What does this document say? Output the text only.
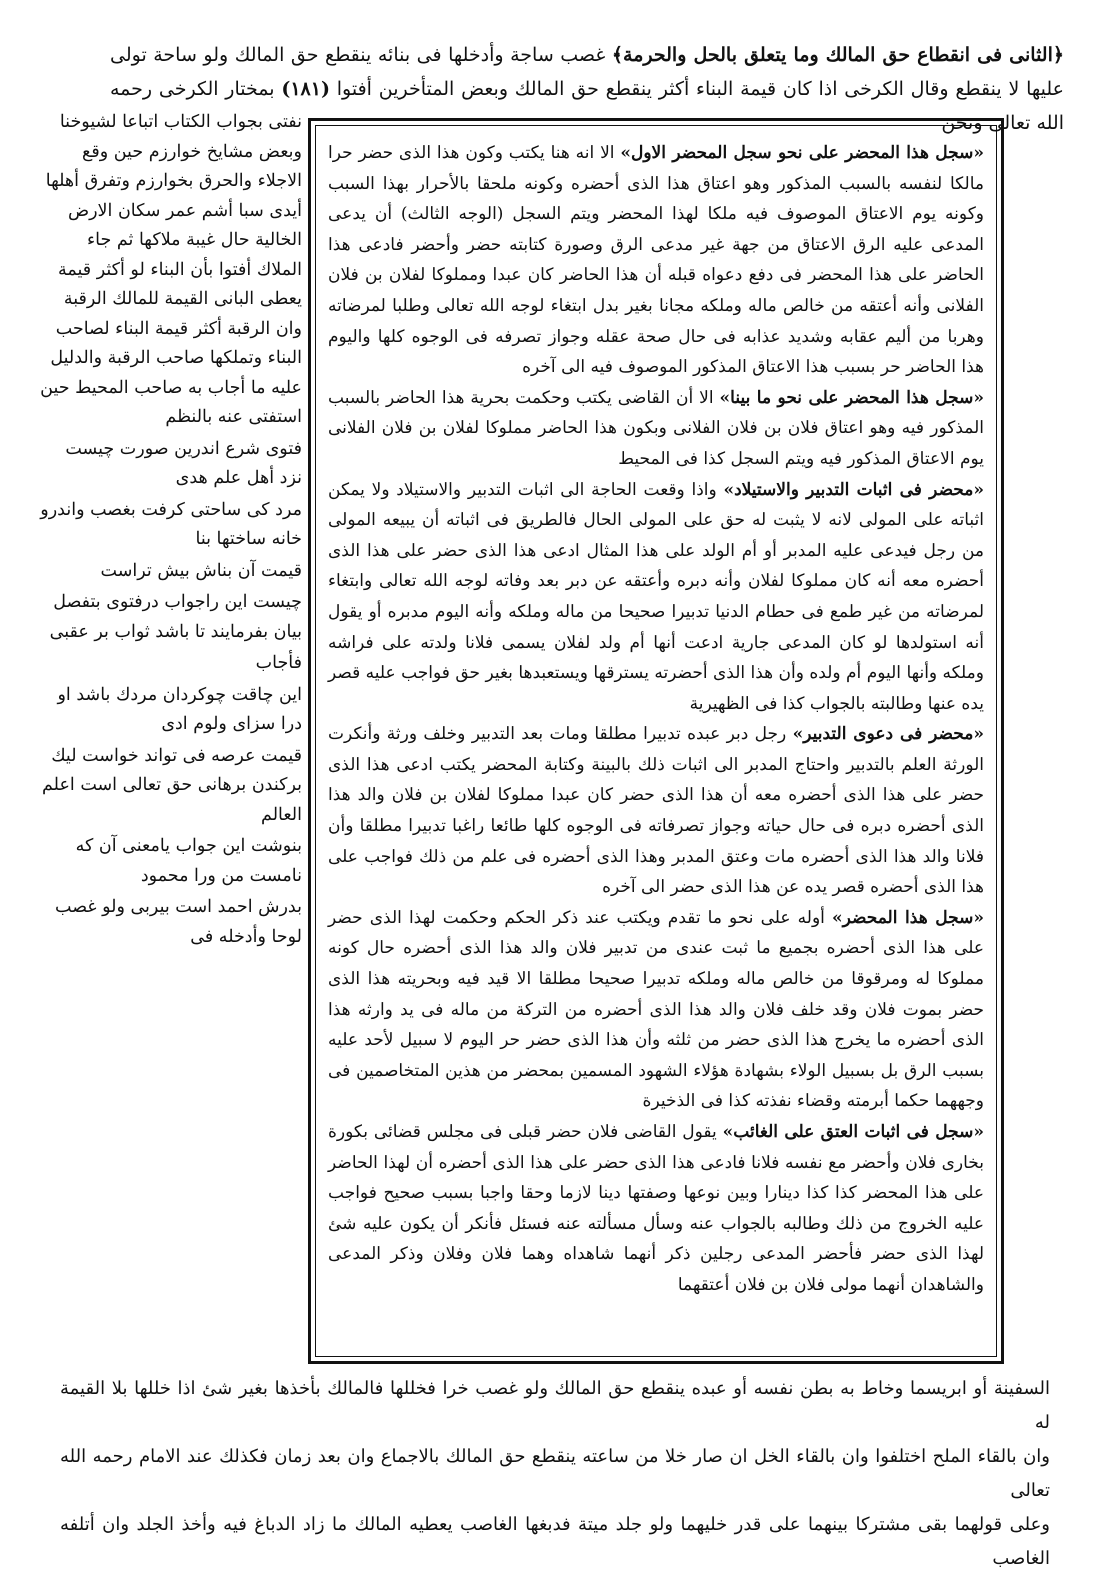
﴿الثانى فى انقطاع حق المالك وما يتعلق بالحل والحرمة﴾ غصب ساجة وأدخلها فى بنائه ينقطع حق المالك ولو ساحة تولى عليها لا ينقطع وقال الكرخى اذا كان قيمة البناء أكثر ينقطع حق المالك وبعض المتأخرين أفتوا (١٨١) بمختار الكرخى رحمه الله تعالى ونحن

«سجل هذا المحضر على نحو سجل المحضر الاول» الا انه هنا يكتب وكون هذا الذى حضر حرا مالكا لنفسه بالسبب المذكور وهو اعتاق هذا الذى أحضره وكونه ملحقا بالأحرار بهذا السبب وكونه يوم الاعتاق الموصوف فيه ملكا لهذا المحضر ويتم السجل (الوجه الثالث) أن يدعى المدعى عليه الرق الاعتاق من جهة غير مدعى الرق وصورة كتابته حضر وأحضر فادعى هذا الحاضر على هذا المحضر فى دفع دعواه قبله أن هذا الحاضر كان عبدا ومملوكا لفلان بن فلان الفلانى وأنه أعتقه من خالص ماله وملكه مجانا بغير بدل ابتغاء لوجه الله تعالى وطلبا لمرضاته وهربا من أليم عقابه وشديد عذابه فى حال صحة عقله وجواز تصرفه فى الوجوه كلها واليوم هذا الحاضر حر بسبب هذا الاعتاق المذكور الموصوف فيه الى آخره

«سجل هذا المحضر على نحو ما بينا» الا أن القاضى يكتب وحكمت بحرية هذا الحاضر بالسبب المذكور فيه وهو اعتاق فلان بن فلان الفلانى وبكون هذا الحاضر مملوكا لفلان بن فلان الفلانى يوم الاعتاق المذكور فيه ويتم السجل كذا فى المحيط

«محضر فى اثبات التدبير والاستيلاد» واذا وقعت الحاجة الى اثبات التدبير والاستيلاد ولا يمكن اثباته على المولى لانه لا يثبت له حق على المولى الحال فالطريق فى اثباته أن يبيعه المولى من رجل فيدعى عليه المدبر أو أم الولد على هذا المثال ادعى هذا الذى حضر على هذا الذى أحضره معه أنه كان مملوكا لفلان وأنه دبره وأعتقه عن دبر بعد وفاته لوجه الله تعالى وابتغاء لمرضاته من غير طمع فى حطام الدنيا تدبيرا صحيحا من ماله وملكه وأنه اليوم مدبره أو يقول أنه استولدها لو كان المدعى جارية ادعت أنها أم ولد لفلان يسمى فلانا ولدته على فراشه وملكه وأنها اليوم أم ولده وأن هذا الذى أحضرته يسترقها ويستعبدها بغير حق فواجب عليه قصر يده عنها وطالبته بالجواب كذا فى الظهيرية

«محضر فى دعوى التدبير» رجل دبر عبده تدبيرا مطلقا ومات بعد التدبير وخلف ورثة وأنكرت الورثة العلم بالتدبير واحتاج المدبر الى اثبات ذلك بالبينة وكتابة المحضر يكتب ادعى هذا الذى حضر على هذا الذى أحضره معه أن هذا الذى حضر كان عبدا مملوكا لفلان بن فلان والد هذا الذى أحضره دبره فى حال حياته وجواز تصرفاته فى الوجوه كلها طائعا راغبا تدبيرا مطلقا وأن فلانا والد هذا الذى أحضره مات وعتق المدبر وهذا الذى أحضره فى علم من ذلك فواجب على هذا الذى أحضره قصر يده عن هذا الذى حضر الى آخره

«سجل هذا المحضر» أوله على نحو ما تقدم ويكتب عند ذكر الحكم وحكمت لهذا الذى حضر على هذا الذى أحضره بجميع ما ثبت عندى من تدبير فلان والد هذا الذى أحضره حال كونه مملوكا له ومرقوقا من خالص ماله وملكه تدبيرا صحيحا مطلقا الا قيد فيه وبحريته هذا الذى حضر بموت فلان وقد خلف فلان والد هذا الذى أحضره من التركة من ماله فى يد وارثه هذا الذى أحضره ما يخرج هذا الذى حضر من ثلثه وأن هذا الذى حضر حر اليوم لا سبيل لأحد عليه بسبب الرق بل بسبيل الولاء بشهادة هؤلاء الشهود المسمين بمحضر من هذين المتخاصمين فى وجههما حكما أبرمته وقضاء نفذته كذا فى الذخيرة

«سجل فى اثبات العتق على الغائب» يقول القاضى فلان حضر قبلى فى مجلس قضائى بكورة بخارى فلان وأحضر مع نفسه فلانا فادعى هذا الذى حضر على هذا الذى أحضره أن لهذا الحاضر على هذا المحضر كذا كذا دينارا وبين نوعها وصفتها دينا لازما وحقا واجبا بسبب صحيح فواجب عليه الخروج من ذلك وطالبه بالجواب عنه وسأل مسألته عنه فسئل فأنكر أن يكون عليه شئ لهذا الذى حضر فأحضر المدعى رجلين ذكر أنهما شاهداه وهما فلان وفلان وذكر المدعى والشاهدان أنهما مولى فلان بن فلان أعتقهما

نفتى بجواب الكتاب اتباعا لشيوخنا وبعض مشايخ خوارزم حين وقع الاجلاء والحرق بخوارزم وتفرق أهلها أيدى سبا أشم عمر سكان الارض الخالية حال غيبة ملاكها ثم جاء الملاك أفتوا بأن البناء لو أكثر قيمة يعطى البانى القيمة للمالك الرقبة وان الرقبة أكثر قيمة البناء لصاحب البناء وتملكها صاحب الرقبة والدليل عليه ما أجاب به صاحب المحيط حين استفتى عنه بالنظم

فتوى شرع اندرين صورت چيست نزد أهل علم هدى

مرد كى ساحتى كرفت بغصب واندرو خانه ساختها بنا

قيمت آن بناش بيش تراست

چيست اين راجواب درفتوى بتفصل بيان بفرمايند تا باشد ثواب بر عقبى

فأجاب

اين چاقت چوكردان مردك باشد او درا سزاى ولوم ادى

قيمت عرصه فى تواند خواست ليك بركندن برهانى حق تعالى است اعلم العالم

بنوشت اين جواب يامعنى آن كه نامست من ورا محمود

بدرش احمد است بيربى ولو غصب لوحا وأدخله فى

السفينة أو ابريسما وخاط به بطن نفسه أو عبده ينقطع حق المالك ولو غصب خرا فخللها فالمالك بأخذها بغير شئ اذا خللها بلا القيمة له

وان بالقاء الملح اختلفوا وان بالقاء الخل ان صار خلا من ساعته ينقطع حق المالك بالاجماع وان بعد زمان فكذلك عند الامام رحمه الله تعالى

وعلى قولهما بقى مشتركا بينهما على قدر خليهما ولو جلد ميتة فدبغها الغاصب يعطيه المالك ما زاد الدباغ فيه وأخذ الجلد وان أتلفه الغاصب
